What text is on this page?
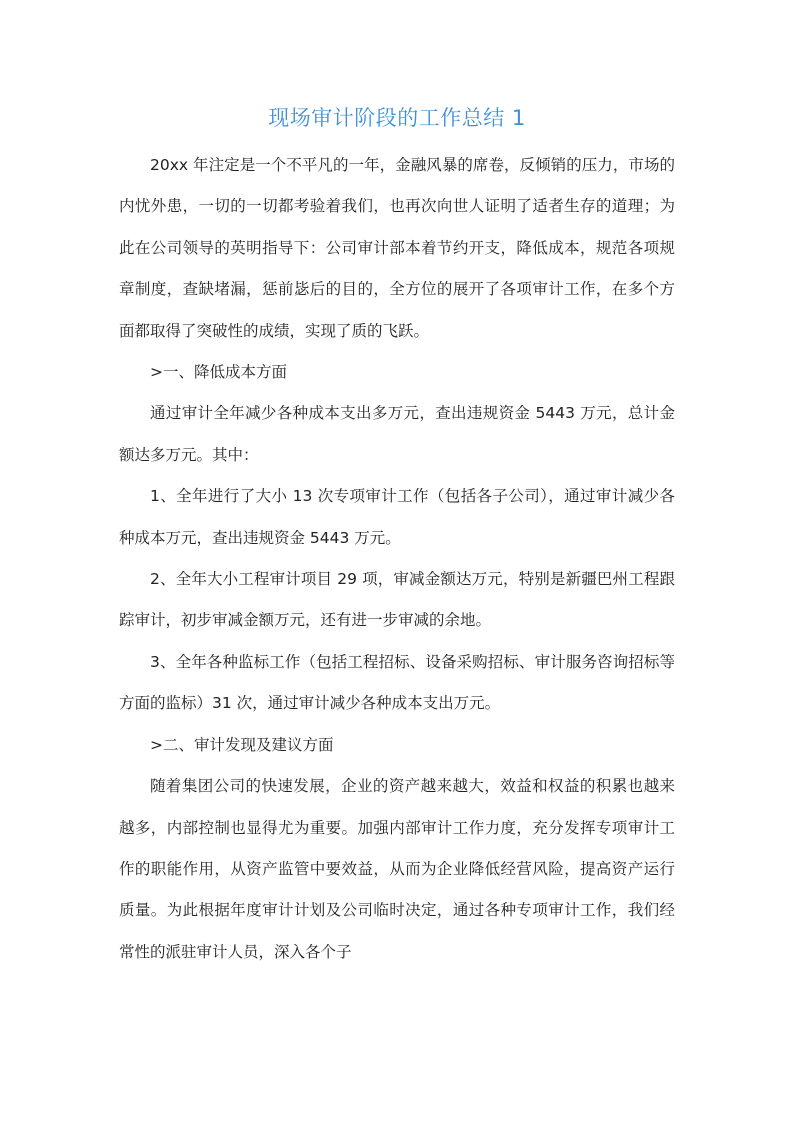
现场审计阶段的工作总结 1

20xx 年注定是一个不平凡的一年，金融风暴的席卷，反倾销的压力，市场的内忧外患，一切的一切都考验着我们，也再次向世人证明了适者生存的道理；为此在公司领导的英明指导下：公司审计部本着节约开支，降低成本，规范各项规章制度，查缺堵漏，惩前毖后的目的，全方位的展开了各项审计工作，在多个方面都取得了突破性的成绩，实现了质的飞跃。

>一、降低成本方面

通过审计全年减少各种成本支出多万元，查出违规资金 5443 万元，总计金额达多万元。其中：

1、全年进行了大小 13 次专项审计工作（包括各子公司），通过审计减少各种成本万元，查出违规资金 5443 万元。

2、全年大小工程审计项目 29 项，审减金额达万元，特别是新疆巴州工程跟踪审计，初步审减金额万元，还有进一步审减的余地。

3、全年各种监标工作（包括工程招标、设备采购招标、审计服务咨询招标等方面的监标）31 次，通过审计减少各种成本支出万元。

>二、审计发现及建议方面

随着集团公司的快速发展，企业的资产越来越大，效益和权益的积累也越来越多，内部控制也显得尤为重要。加强内部审计工作力度，充分发挥专项审计工作的职能作用，从资产监管中要效益，从而为企业降低经营风险，提高资产运行质量。为此根据年度审计计划及公司临时决定，通过各种专项审计工作，我们经常性的派驻审计人员，深入各个子
